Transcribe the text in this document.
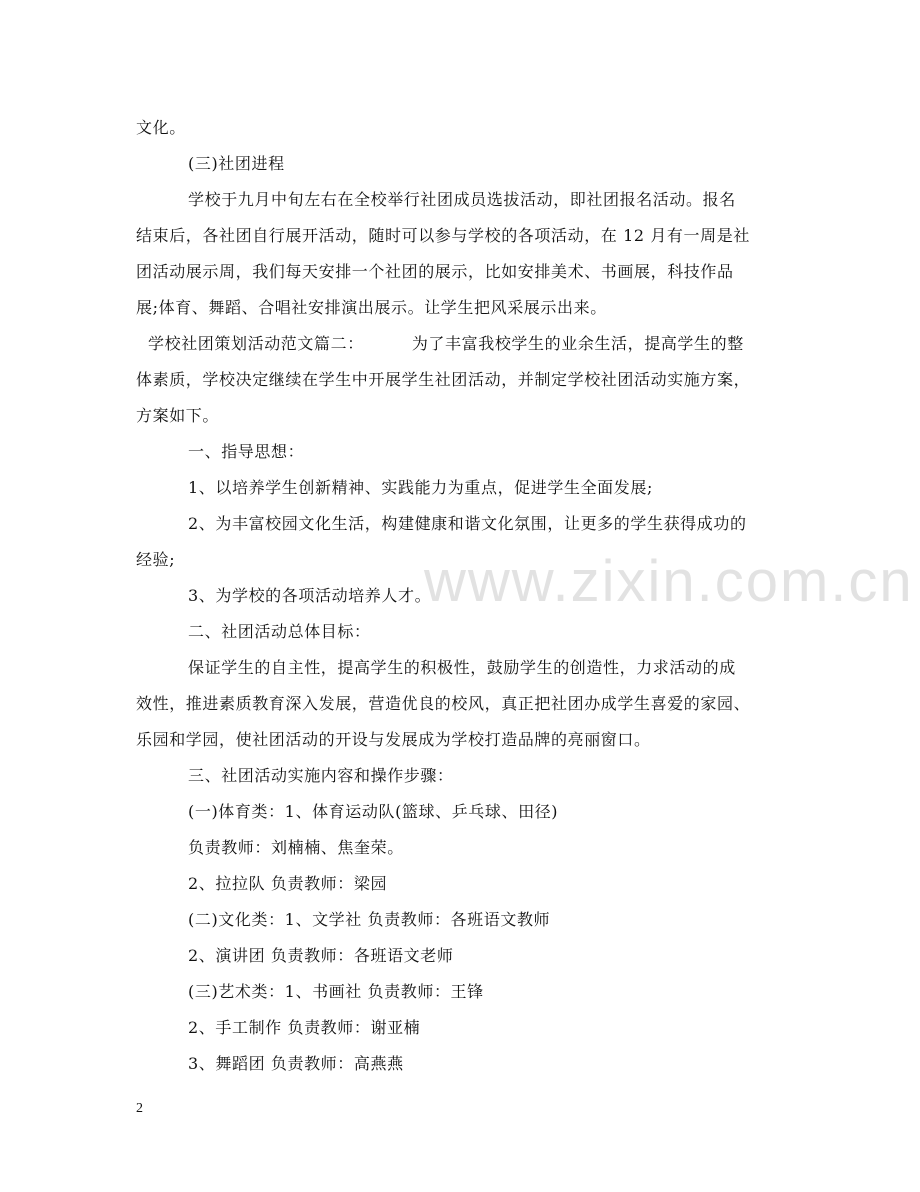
www.zixin.com.cn
文化。
(三)社团进程
学校于九月中旬左右在全校举行社团成员选拔活动，即社团报名活动。报名
结束后，各社团自行展开活动，随时可以参与学校的各项活动，在 12 月有一周是社
团活动展示周，我们每天安排一个社团的展示，比如安排美术、书画展，科技作品
展;体育、舞蹈、合唱社安排演出展示。让学生把风采展示出来。
学校社团策划活动范文篇二：	为了丰富我校学生的业余生活，提高学生的整
体素质，学校决定继续在学生中开展学生社团活动，并制定学校社团活动实施方案，
方案如下。
一、指导思想：
1、以培养学生创新精神、实践能力为重点，促进学生全面发展;
2、为丰富校园文化生活，构建健康和谐文化氛围，让更多的学生获得成功的
经验;
3、为学校的各项活动培养人才。
二、社团活动总体目标：
保证学生的自主性，提高学生的积极性，鼓励学生的创造性，力求活动的成
效性，推进素质教育深入发展，营造优良的校风，真正把社团办成学生喜爱的家园、
乐园和学园，使社团活动的开设与发展成为学校打造品牌的亮丽窗口。
三、社团活动实施内容和操作步骤：
(一)体育类：1、体育运动队(篮球、乒乓球、田径)
负责教师：刘楠楠、焦奎荣。
2、拉拉队 负责教师：梁园
(二)文化类：1、文学社 负责教师：各班语文教师
2、演讲团 负责教师：各班语文老师
(三)艺术类：1、书画社 负责教师：王锋
2、手工制作 负责教师：谢亚楠
3、舞蹈团 负责教师：高燕燕
2
